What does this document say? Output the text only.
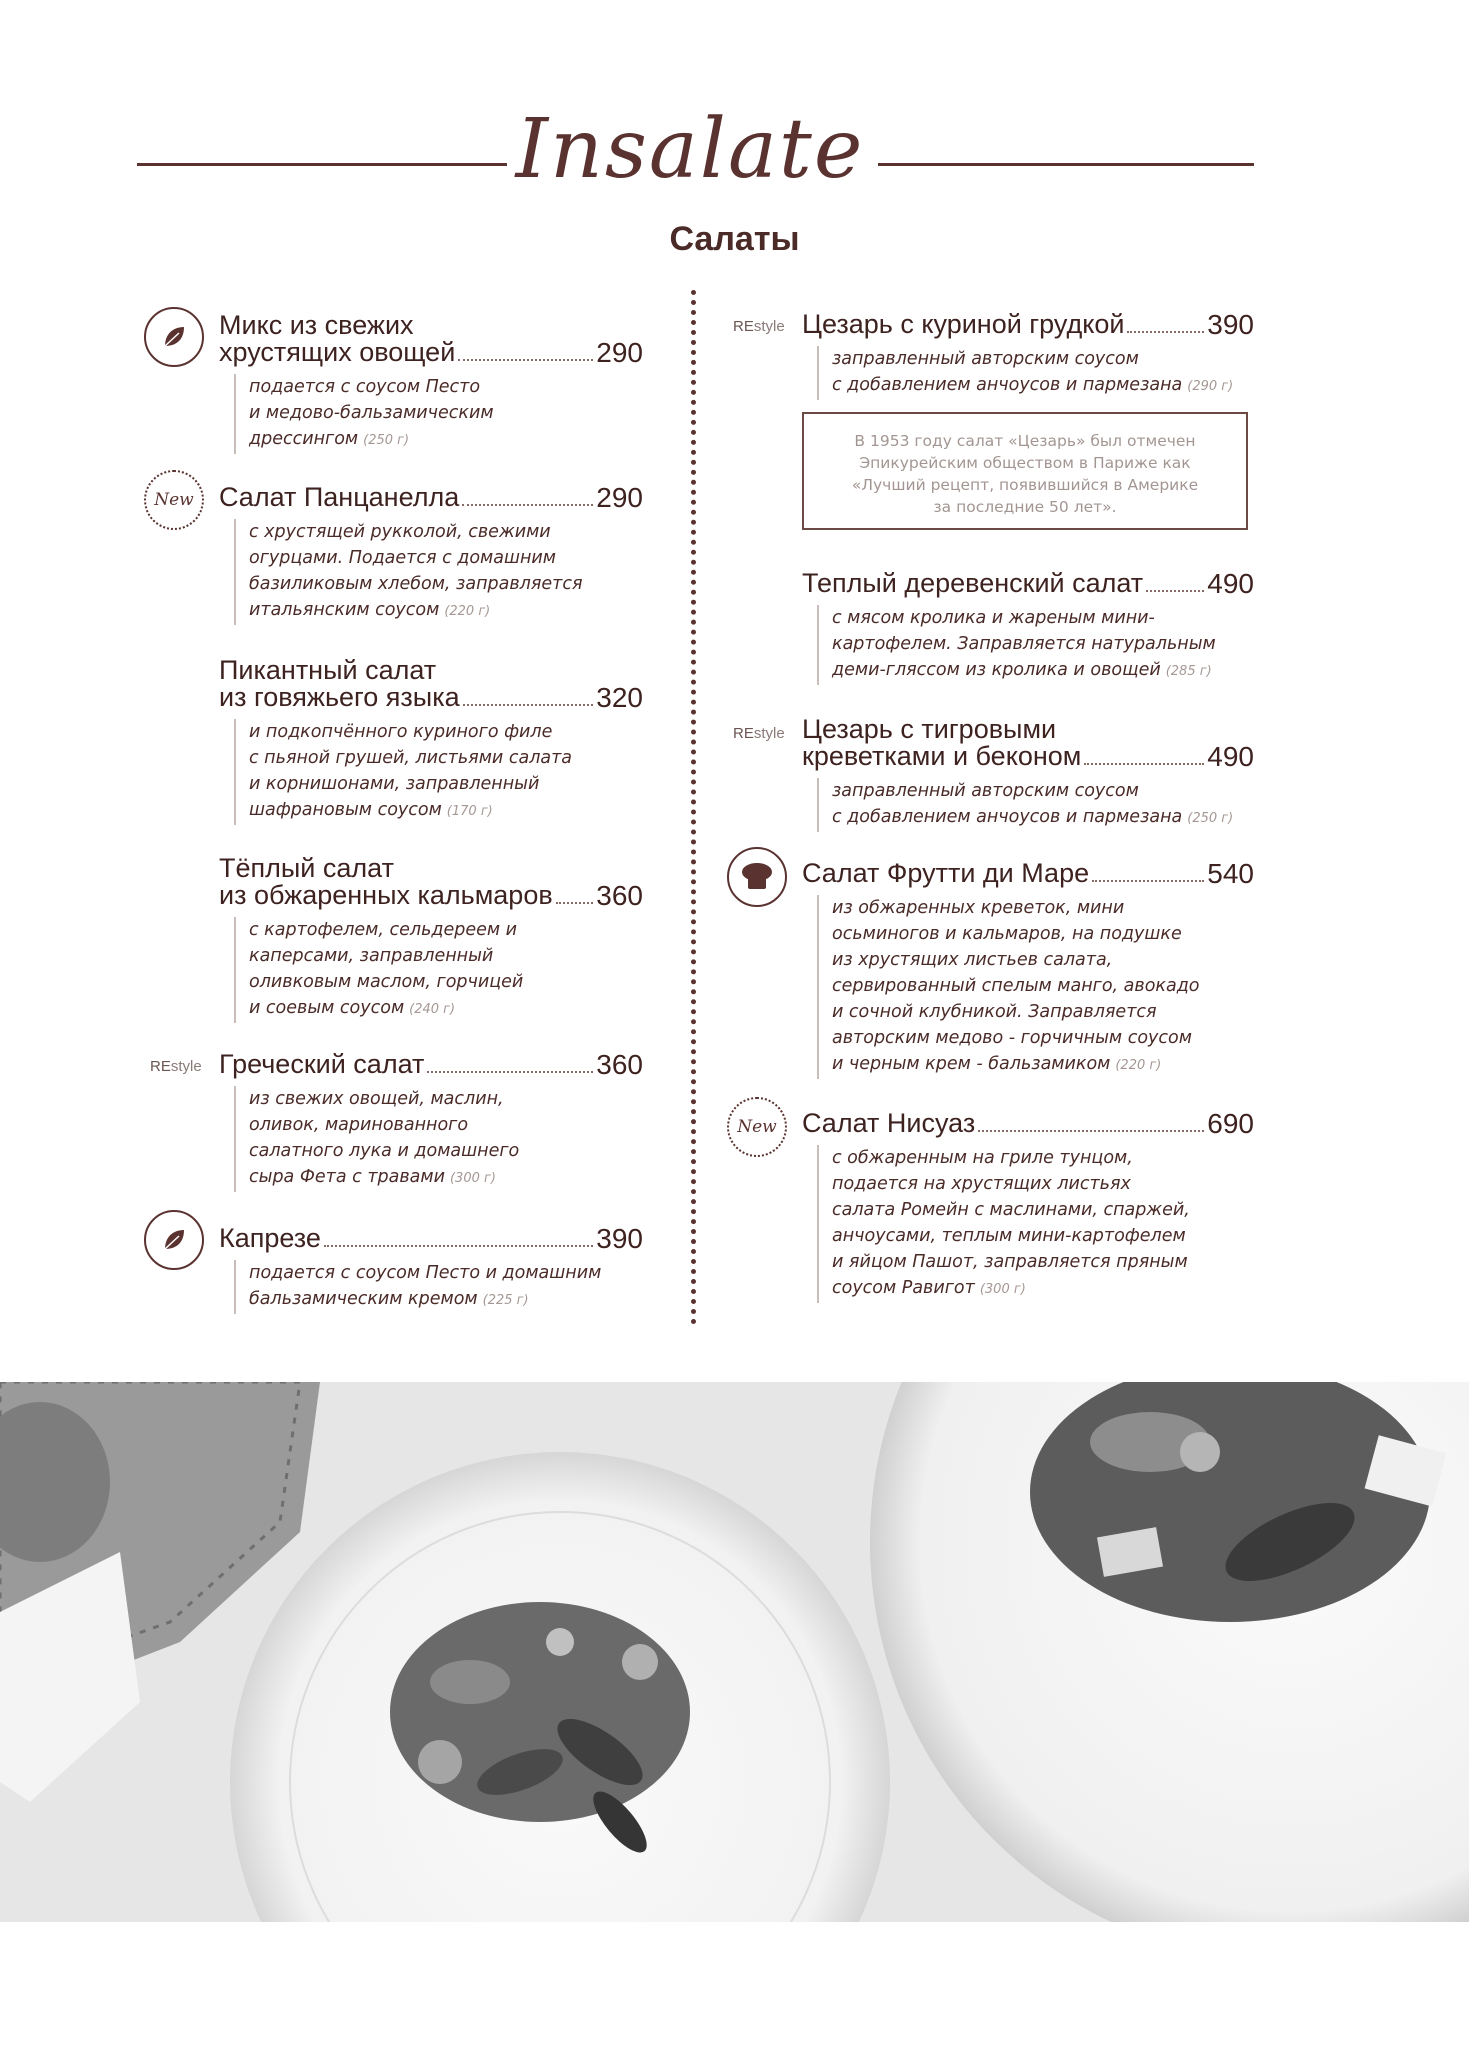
Insalate
Салаты
Микс из свежих
хрустящих овощей	290
подается с соусом Песто
и медово-бальзамическим
дрессингом (250 г)
New Салат Панцанелла	290
с хрустящей рукколой, свежими
огурцами. Подается с домашним
базиликовым хлебом, заправляется
итальянским соусом (220 г)
Пикантный салат
из говяжьего языка	320
и подкопчённого куриного филе
с пьяной грушей, листьями салата
и корнишонами, заправленный
шафрановым соусом (170 г)
Тёплый салат
из обжаренных кальмаров 360
с картофелем, сельдереем и
каперсами, заправленный
оливковым маслом, горчицей
и соевым соусом (240 г)
REstyle Греческий салат	360
из свежих овощей, маслин,
оливок, маринованного
салатного лука и домашнего
сыра Фета с травами (300 г)
Капрезе	390
подается с соусом Песто и домашним
бальзамическим кремом (225 г)
REstyle Цезарь с куриной грудкой	390
заправленный авторским соусом
с добавлением анчоусов и пармезана (290 г)
В 1953 году салат «Цезарь» был отмечен
Эпикурейским обществом в Париже как
«Лучший рецепт, появившийся в Америке
за последние 50 лет».
Теплый деревенский салат 490
с мясом кролика и жареным мини-
картофелем. Заправляется натуральным
деми-гляссом из кролика и овощей (285 г)
REstyle Цезарь с тигровыми
креветками и беконом	490
заправленный авторским соусом
с добавлением анчоусов и пармезана (250 г)
Салат Фрутти ди Маре	540
из обжаренных креветок, мини
осьминогов и кальмаров, на подушке
из хрустящих листьев салата,
сервированный спелым манго, авокадо
и сочной клубникой. Заправляется
авторским медово - горчичным соусом
и черным крем - бальзамиком (220 г)
New Салат Нисуаз	690
с обжаренным на гриле тунцом,
подается на хрустящих листьях
салата Ромейн с маслинами, спаржей,
анчоусами, теплым мини-картофелем
и яйцом Пашот, заправляется пряным
соусом Равигот (300 г)
